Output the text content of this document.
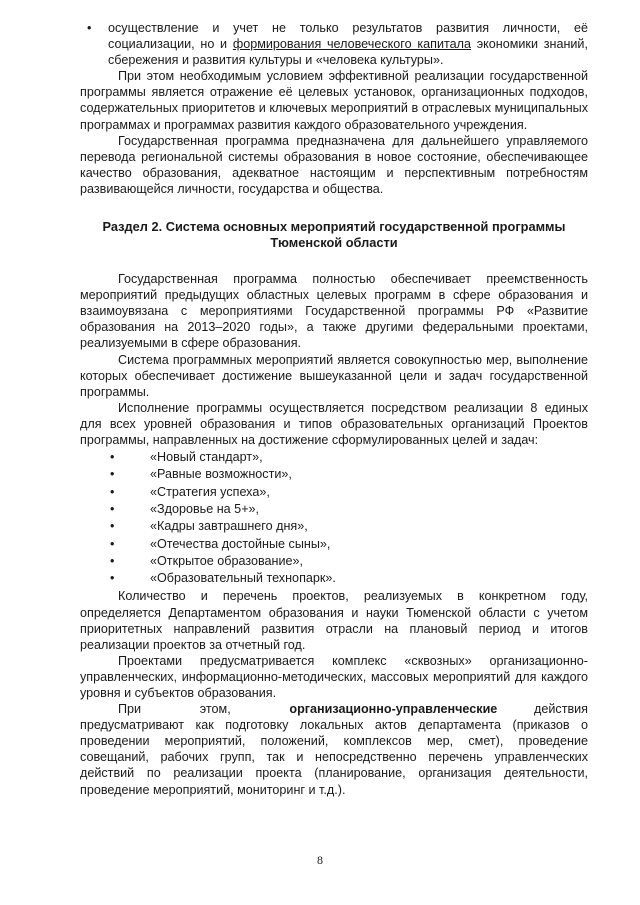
• осуществление и учет не только результатов развития личности, её социализации, но и формирования человеческого капитала экономики знаний, сбережения и развития культуры и «человека культуры».

При этом необходимым условием эффективной реализации государственной программы является отражение её целевых установок, организационных подходов, содержательных приоритетов и ключевых мероприятий в отраслевых муниципальных программах и программах развития каждого образовательного учреждения.

Государственная программа предназначена для дальнейшего управляемого перевода региональной системы образования в новое состояние, обеспечивающее качество образования, адекватное настоящим и перспективным потребностям развивающейся личности, государства и общества.

Раздел 2. Система основных мероприятий государственной программы Тюменской области

Государственная программа полностью обеспечивает преемственность мероприятий предыдущих областных целевых программ в сфере образования и взаимоувязана с мероприятиями Государственной программы РФ «Развитие образования на 2013–2020 годы», а также другими федеральными проектами, реализуемыми в сфере образования.

Система программных мероприятий является совокупностью мер, выполнение которых обеспечивает достижение вышеуказанной цели и задач государственной программы.

Исполнение программы осуществляется посредством реализации 8 единых для всех уровней образования и типов образовательных организаций Проектов программы, направленных на достижение сформулированных целей и задач:

•	«Новый стандарт»,
•	«Равные возможности»,
•	«Стратегия успеха»,
•	«Здоровье на 5+»,
•	«Кадры завтрашнего дня»,
•	«Отечества достойные сыны»,
•	«Открытое образование»,
•	«Образовательный технопарк».

Количество и перечень проектов, реализуемых в конкретном году, определяется Департаментом образования и науки Тюменской области с учетом приоритетных направлений развития отрасли на плановый период и итогов реализации проектов за отчетный год.

Проектами предусматривается комплекс «сквозных» организационно-управленческих, информационно-методических, массовых мероприятий для каждого уровня и субъектов образования.

При этом, организационно-управленческие действия предусматривают как подготовку локальных актов департамента (приказов о проведении мероприятий, положений, комплексов мер, смет), проведение совещаний, рабочих групп, так и непосредственно перечень управленческих действий по реализации проекта (планирование, организация деятельности, проведение мероприятий, мониторинг и т.д.).

8
